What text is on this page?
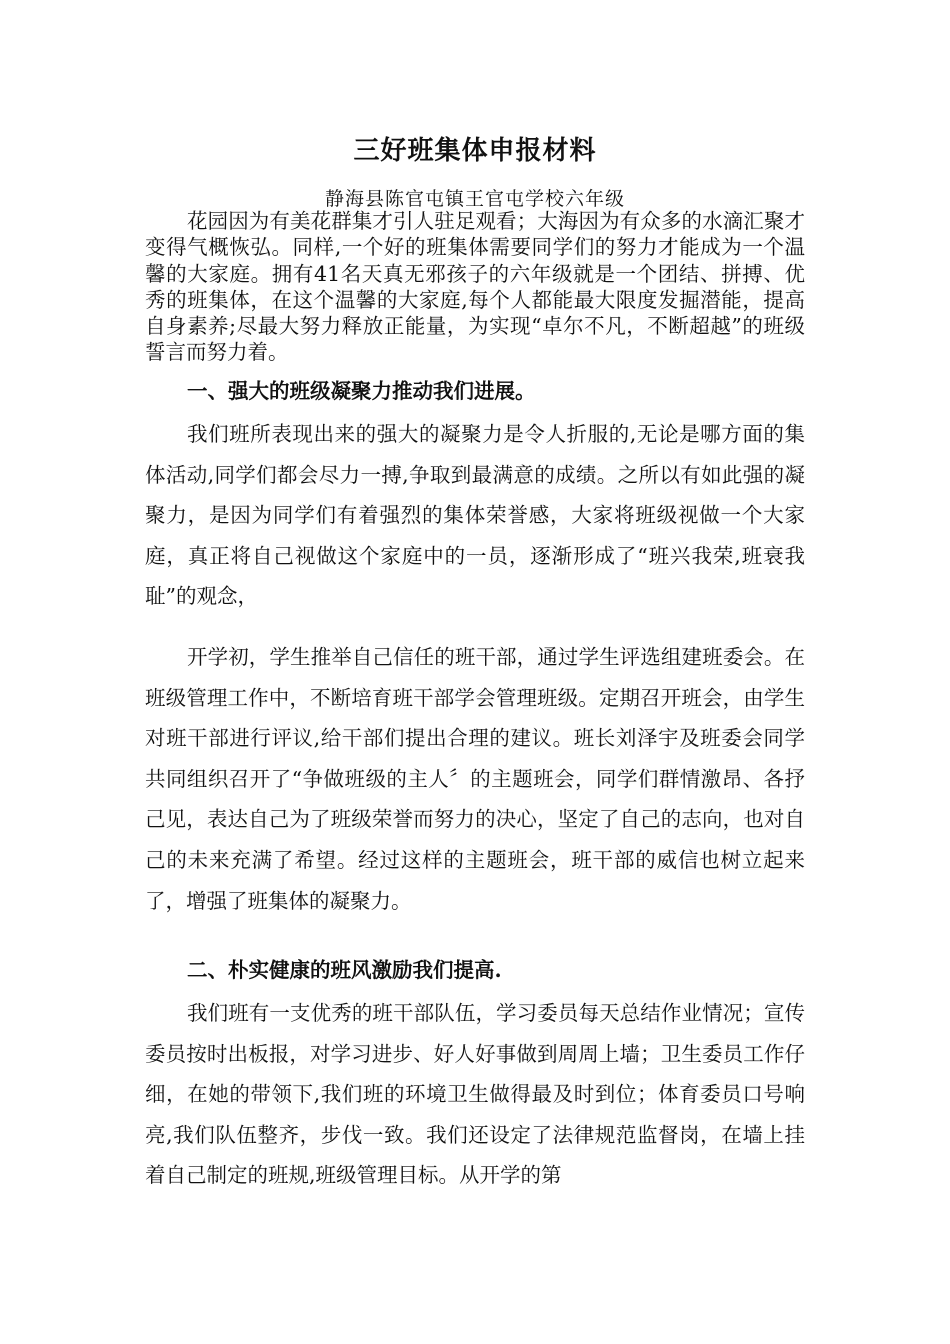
三好班集体申报材料

静海县陈官屯镇王官屯学校六年级

花园因为有美花群集才引人驻足观看；大海因为有众多的水滴汇聚才变得气概恢弘。同样,一个好的班集体需要同学们的努力才能成为一个温馨的大家庭。拥有41名天真无邪孩子的六年级就是一个团结、拼搏、优秀的班集体，在这个温馨的大家庭,每个人都能最大限度发掘潜能，提高自身素养;尽最大努力释放正能量，为实现“卓尔不凡，不断超越”的班级誓言而努力着。

一、强大的班级凝聚力推动我们进展。

我们班所表现出来的强大的凝聚力是令人折服的,无论是哪方面的集体活动,同学们都会尽力一搏,争取到最满意的成绩。之所以有如此强的凝聚力，是因为同学们有着强烈的集体荣誉感，大家将班级视做一个大家庭，真正将自己视做这个家庭中的一员，逐渐形成了“班兴我荣,班衰我耻”的观念，

开学初，学生推举自己信任的班干部，通过学生评选组建班委会。在班级管理工作中，不断培育班干部学会管理班级。定期召开班会，由学生对班干部进行评议,给干部们提出合理的建议。班长刘泽宇及班委会同学共同组织召开了“争做班级的主人〞的主题班会，同学们群情激昂、各抒己见，表达自己为了班级荣誉而努力的决心，坚定了自己的志向，也对自己的未来充满了希望。经过这样的主题班会，班干部的威信也树立起来了，增强了班集体的凝聚力。

二、朴实健康的班风激励我们提高.

我们班有一支优秀的班干部队伍，学习委员每天总结作业情况；宣传委员按时出板报，对学习进步、好人好事做到周周上墙；卫生委员工作仔细，在她的带领下,我们班的环境卫生做得最及时到位；体育委员口号响亮,我们队伍整齐，步伐一致。我们还设定了法律规范监督岗，在墙上挂着自己制定的班规,班级管理目标。从开学的第
